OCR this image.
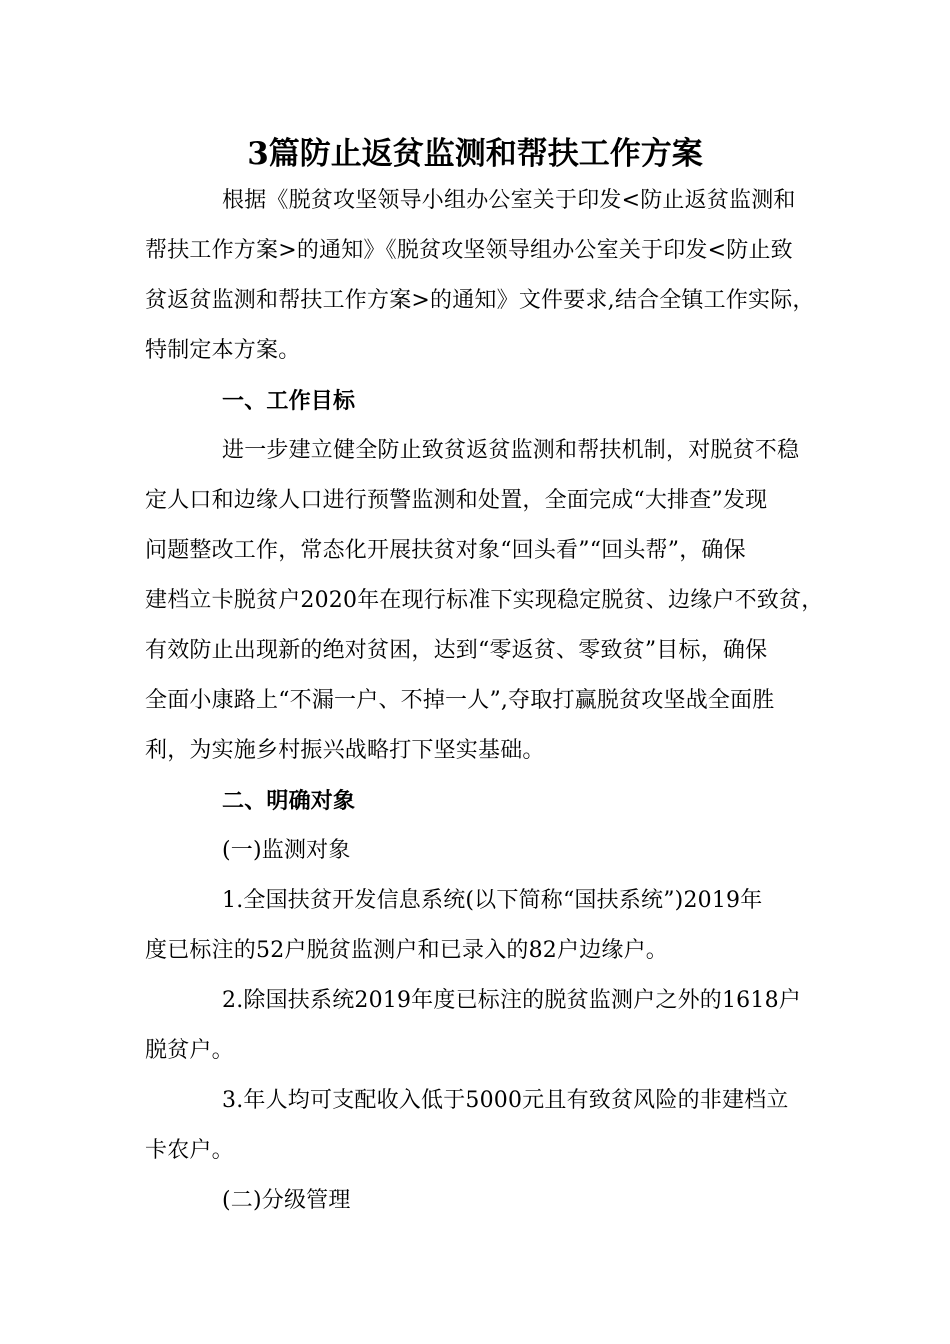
3篇防止返贫监测和帮扶工作方案
根据《脱贫攻坚领导小组办公室关于印发<防止返贫监测和
帮扶工作方案>的通知》《脱贫攻坚领导组办公室关于印发<防止致
贫返贫监测和帮扶工作方案>的通知》文件要求,结合全镇工作实际，
特制定本方案。
一、工作目标
进一步建立健全防止致贫返贫监测和帮扶机制，对脱贫不稳
定人口和边缘人口进行预警监测和处置，全面完成“大排查”发现
问题整改工作，常态化开展扶贫对象“回头看”“回头帮”，确保
建档立卡脱贫户2020年在现行标准下实现稳定脱贫、边缘户不致贫，
有效防止出现新的绝对贫困，达到“零返贫、零致贫”目标，确保
全面小康路上“不漏一户、不掉一人”,夺取打赢脱贫攻坚战全面胜
利，为实施乡村振兴战略打下坚实基础。
二、明确对象
(一)监测对象
1.全国扶贫开发信息系统(以下简称“国扶系统”)2019年
度已标注的52户脱贫监测户和已录入的82户边缘户。
2.除国扶系统2019年度已标注的脱贫监测户之外的1618户
脱贫户。
3.年人均可支配收入低于5000元且有致贫风险的非建档立
卡农户。
(二)分级管理
